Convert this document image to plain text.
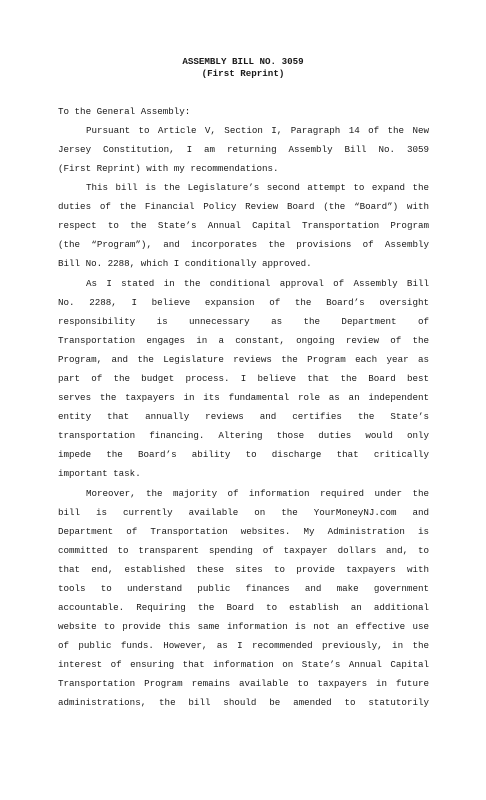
ASSEMBLY BILL NO. 3059
(First Reprint)
To the General Assembly:
Pursuant to Article V, Section I, Paragraph 14 of the New
Jersey Constitution, I am returning Assembly Bill No. 3059
(First Reprint) with my recommendations.
This bill is the Legislature’s second attempt to expand the
duties of the Financial Policy Review Board (the “Board”) with
respect to the State’s Annual Capital Transportation Program
(the “Program”), and incorporates the provisions of Assembly
Bill No. 2288, which I conditionally approved.
As I stated in the conditional approval of Assembly Bill
No. 2288, I believe expansion of the Board’s oversight
responsibility is unnecessary as the Department of
Transportation engages in a constant, ongoing review of the
Program, and the Legislature reviews the Program each year as
part of the budget process. I believe that the Board best
serves the taxpayers in its fundamental role as an independent
entity that annually reviews and certifies the State’s
transportation financing. Altering those duties would only
impede the Board’s ability to discharge that critically
important task.
Moreover, the majority of information required under the
bill is currently available on the YourMoneyNJ.com and
Department of Transportation websites. My Administration is
committed to transparent spending of taxpayer dollars and, to
that end, established these sites to provide taxpayers with
tools to understand public finances and make government
accountable. Requiring the Board to establish an additional
website to provide this same information is not an effective use
of public funds. However, as I recommended previously, in the
interest of ensuring that information on State’s Annual Capital
Transportation Program remains available to taxpayers in future
administrations, the bill should be amended to statutorily
